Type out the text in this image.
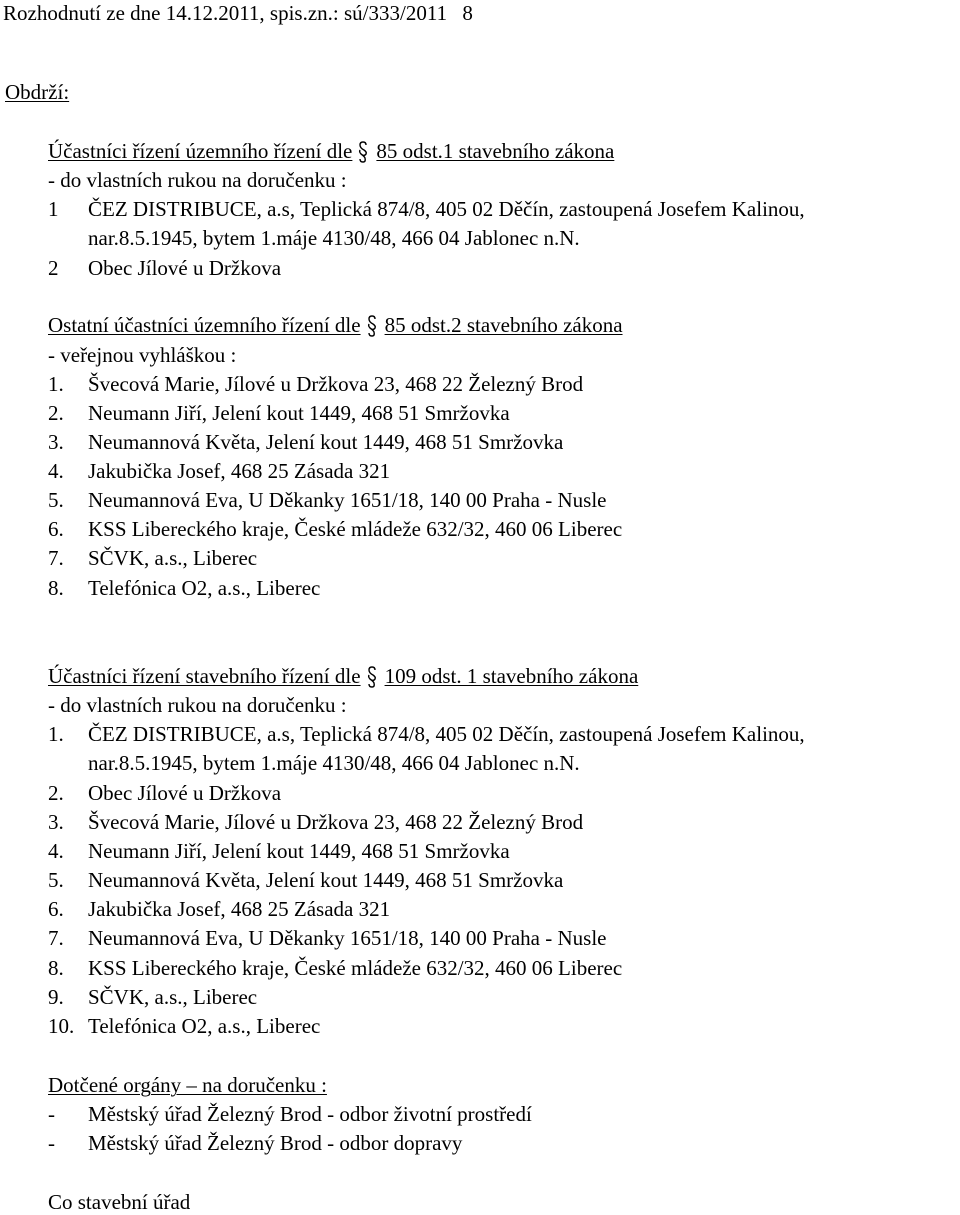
Rozhodnutí ze dne 14.12.2011, spis.zn.: sú/333/2011 8
Obdrží:
Účastníci řízení územního řízení dle 85 odst.1 stavebního zákona
- do vlastních rukou na doručenku :
1 ČEZ DISTRIBUCE, a.s, Teplická 874/8, 405 02 Děčín, zastoupená Josefem Kalinou,
nar.8.5.1945, bytem 1.máje 4130/48, 466 04 Jablonec n.N.
2 Obec Jílové u Držkova
Ostatní účastníci územního řízení dle 85 odst.2 stavebního zákona
- veřejnou vyhláškou :
1. Švecová Marie, Jílové u Držkova 23, 468 22 Železný Brod
2. Neumann Jiří, Jelení kout 1449, 468 51 Smržovka
3. Neumannová Květa, Jelení kout 1449, 468 51 Smržovka
4. Jakubička Josef, 468 25 Zásada 321
5. Neumannová Eva, U Děkanky 1651/18, 140 00 Praha - Nusle
6. KSS Libereckého kraje, České mládeže 632/32, 460 06 Liberec
7. SČVK, a.s., Liberec
8. Telefónica O2, a.s., Liberec
Účastníci řízení stavebního řízení dle 109 odst. 1 stavebního zákona
- do vlastních rukou na doručenku :
1. ČEZ DISTRIBUCE, a.s, Teplická 874/8, 405 02 Děčín, zastoupená Josefem Kalinou,
nar.8.5.1945, bytem 1.máje 4130/48, 466 04 Jablonec n.N.
2. Obec Jílové u Držkova
3. Švecová Marie, Jílové u Držkova 23, 468 22 Železný Brod
4. Neumann Jiří, Jelení kout 1449, 468 51 Smržovka
5. Neumannová Květa, Jelení kout 1449, 468 51 Smržovka
6. Jakubička Josef, 468 25 Zásada 321
7. Neumannová Eva, U Děkanky 1651/18, 140 00 Praha - Nusle
8. KSS Libereckého kraje, České mládeže 632/32, 460 06 Liberec
9. SČVK, a.s., Liberec
10. Telefónica O2, a.s., Liberec
Dotčené orgány – na doručenku :
- Městský úřad Železný Brod - odbor životní prostředí
- Městský úřad Železný Brod - odbor dopravy
Co stavební úřad
